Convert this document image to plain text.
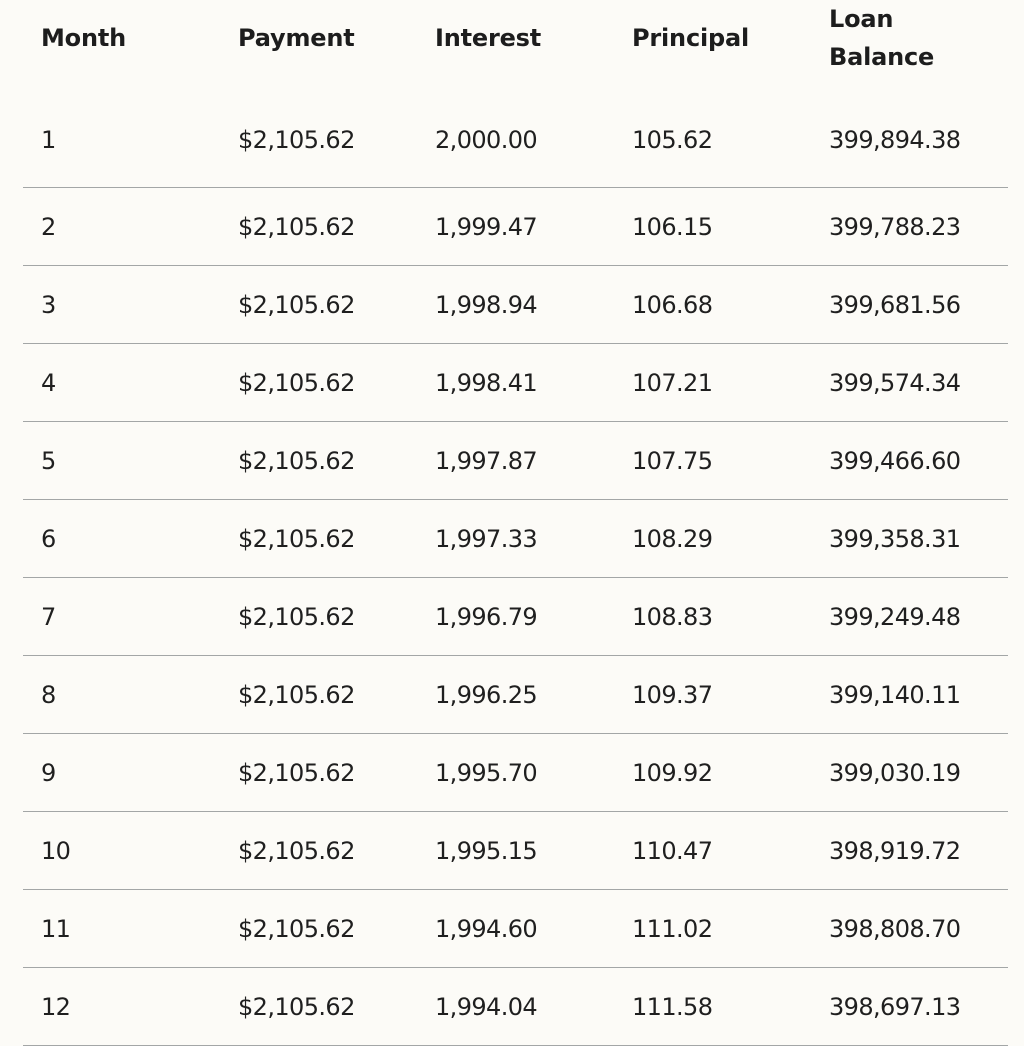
Month	Payment	Interest	Principal	Loan
Balance

1	$2,105.62	2,000.00	105.62	399,894.38
2	$2,105.62	1,999.47	106.15	399,788.23
3	$2,105.62	1,998.94	106.68	399,681.56
4	$2,105.62	1,998.41	107.21	399,574.34
5	$2,105.62	1,997.87	107.75	399,466.60
6	$2,105.62	1,997.33	108.29	399,358.31
7	$2,105.62	1,996.79	108.83	399,249.48
8	$2,105.62	1,996.25	109.37	399,140.11
9	$2,105.62	1,995.70	109.92	399,030.19
10	$2,105.62	1,995.15	110.47	398,919.72
11	$2,105.62	1,994.60	111.02	398,808.70
12	$2,105.62	1,994.04	111.58	398,697.13
